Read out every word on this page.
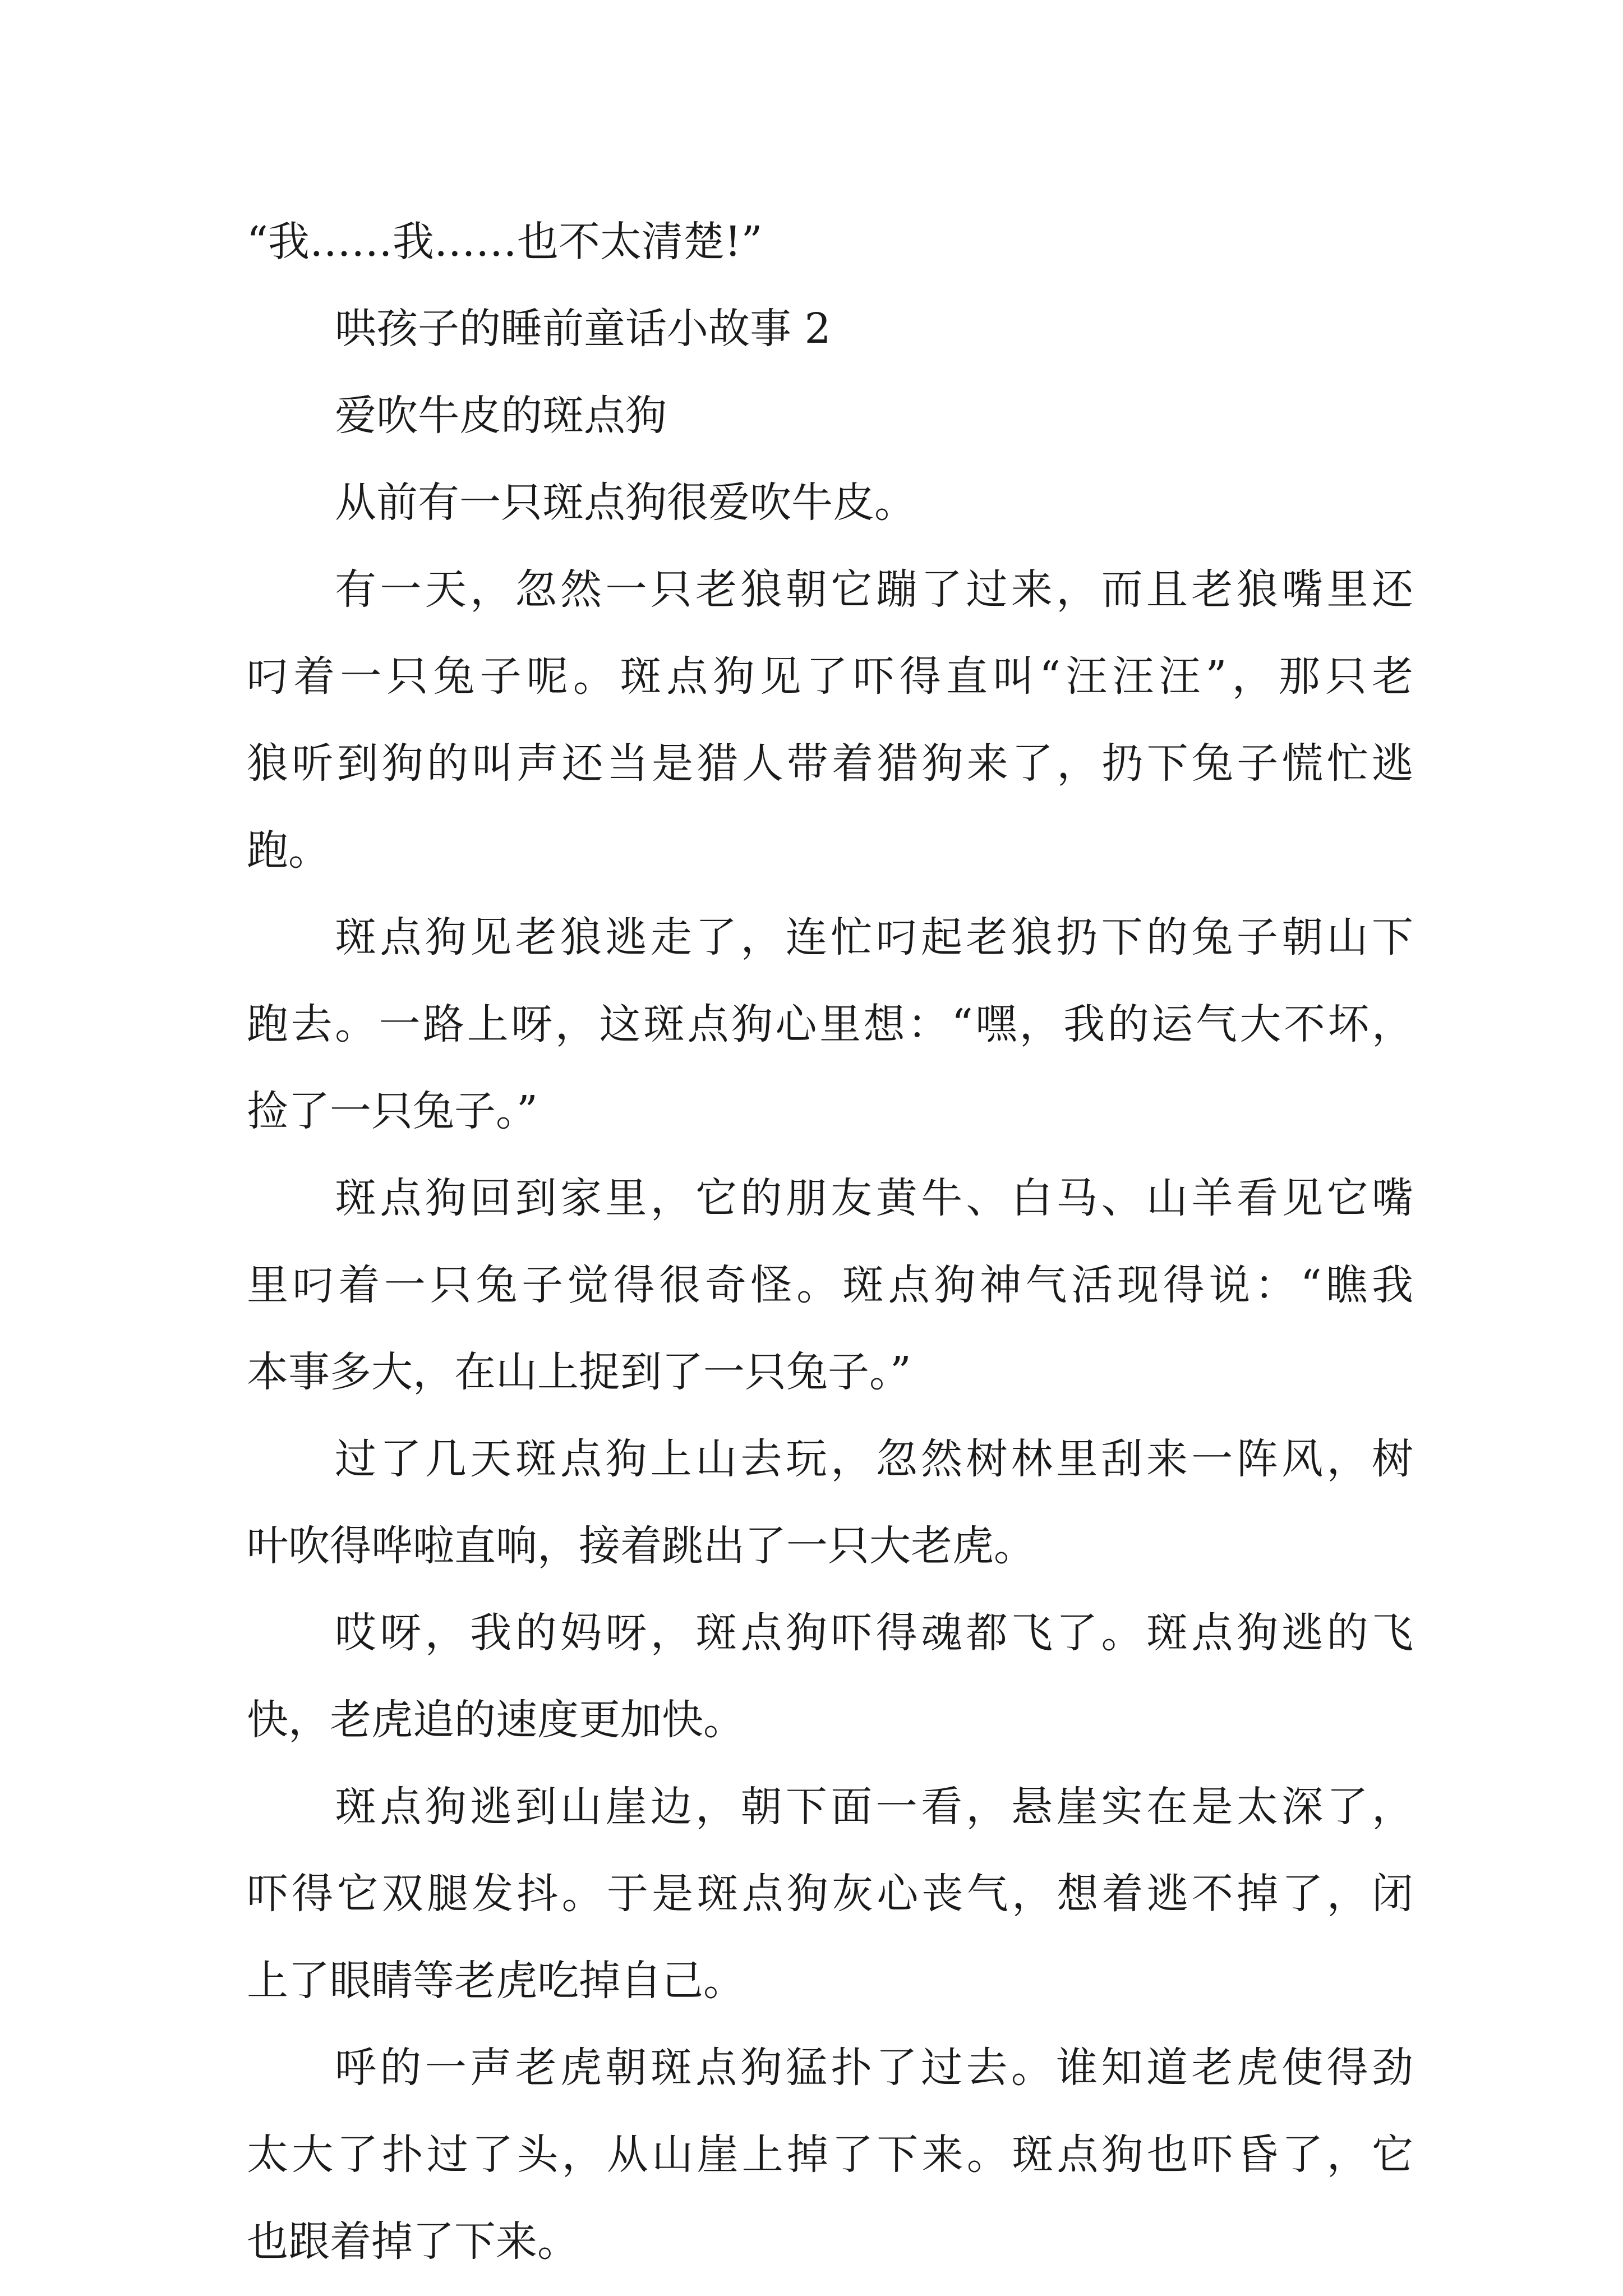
“我……我……也不太清楚!”

哄孩子的睡前童话小故事 2

爱吹牛皮的斑点狗

从前有一只斑点狗很爱吹牛皮。

有一天，忽然一只老狼朝它蹦了过来，而且老狼嘴里还

叼着一只兔子呢。斑点狗见了吓得直叫“汪汪汪”，那只老

狼听到狗的叫声还当是猎人带着猎狗来了，扔下兔子慌忙逃

跑。

斑点狗见老狼逃走了，连忙叼起老狼扔下的兔子朝山下

跑去。一路上呀，这斑点狗心里想：“嘿，我的运气大不坏，

捡了一只兔子。”

斑点狗回到家里，它的朋友黄牛、白马、山羊看见它嘴

里叼着一只兔子觉得很奇怪。斑点狗神气活现得说：“瞧我

本事多大，在山上捉到了一只兔子。”

过了几天斑点狗上山去玩，忽然树林里刮来一阵风，树

叶吹得哗啦直响，接着跳出了一只大老虎。

哎呀，我的妈呀，斑点狗吓得魂都飞了。斑点狗逃的飞

快，老虎追的速度更加快。

斑点狗逃到山崖边，朝下面一看，悬崖实在是太深了，

吓得它双腿发抖。于是斑点狗灰心丧气，想着逃不掉了，闭

上了眼睛等老虎吃掉自己。

呼的一声老虎朝斑点狗猛扑了过去。谁知道老虎使得劲

太大了扑过了头，从山崖上掉了下来。斑点狗也吓昏了，它

也跟着掉了下来。
